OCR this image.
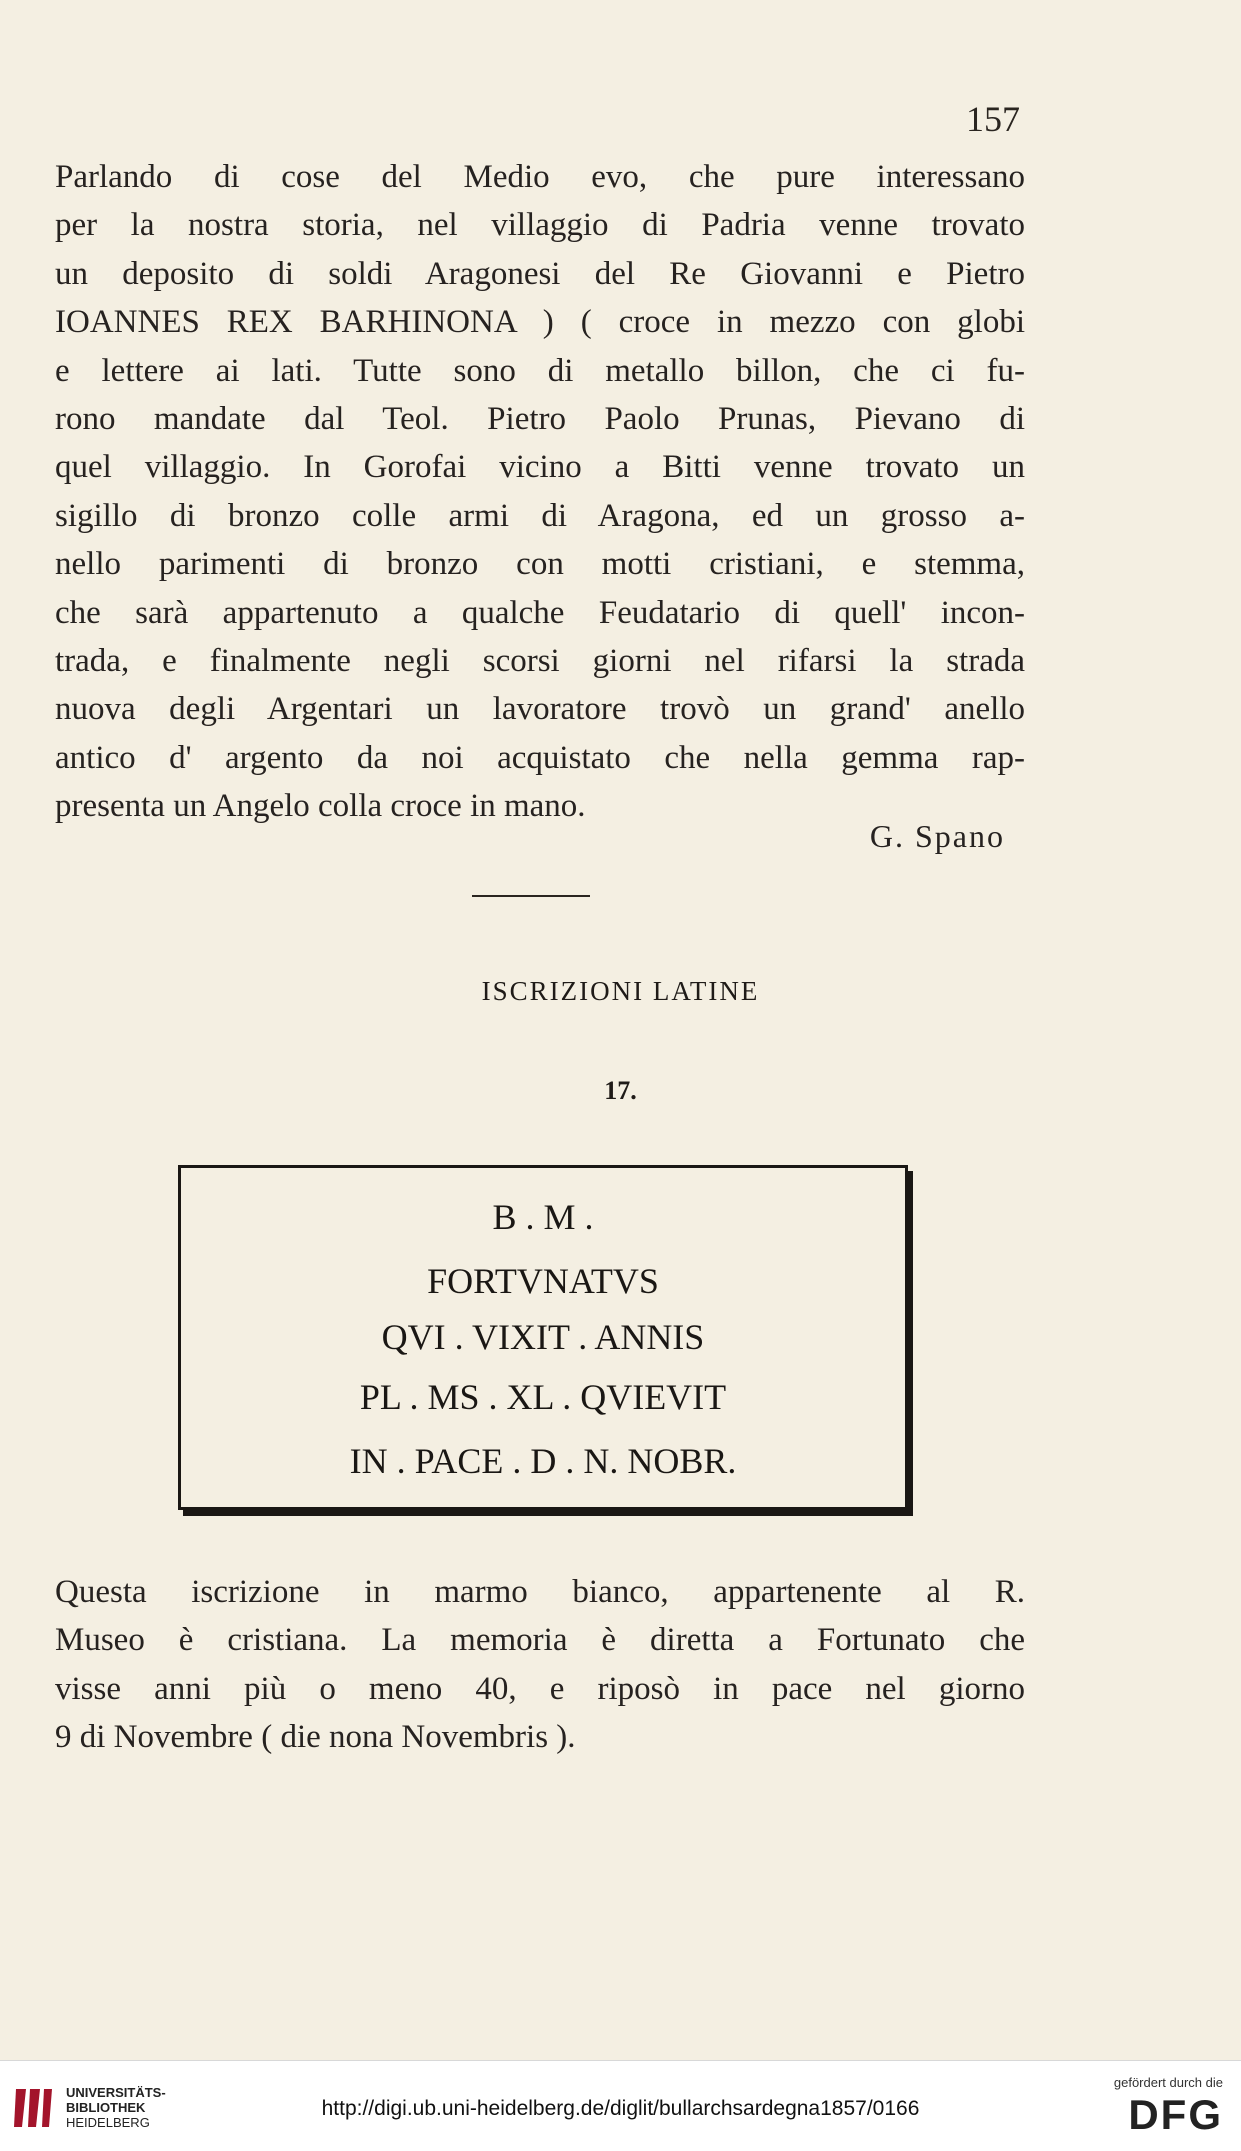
157
Parlando di cose del Medio evo, che pure interessano
per la nostra storia, nel villaggio di Padria venne trovato
un deposito di soldi Aragonesi del Re Giovanni e Pietro
IOANNES REX BARHINONA ) ( croce in mezzo con globi
e lettere ai lati. Tutte sono di metallo billon, che ci fu-
rono mandate dal Teol. Pietro Paolo Prunas, Pievano di
quel villaggio. In Gorofai vicino a Bitti venne trovato un
sigillo di bronzo colle armi di Aragona, ed un grosso a-
nello parimenti di bronzo con motti cristiani, e stemma,
che sarà appartenuto a qualche Feudatario di quell' incon-
trada, e finalmente negli scorsi giorni nel rifarsi la strada
nuova degli Argentari un lavoratore trovò un grand' anello
antico d' argento da noi acquistato che nella gemma rap-
presenta un Angelo colla croce in mano.
G. Spano
ISCRIZIONI LATINE
17.
B . M .
FORTVNATVS
QVI . VIXIT . ANNIS
PL . MS . XL . QVIEVIT
IN . PACE . D . N. NOBR.
Questa iscrizione in marmo bianco, appartenente al R.
Museo è cristiana. La memoria è diretta a Fortunato che
visse anni più o meno 40, e riposò in pace nel giorno
9 di Novembre ( die nona Novembris ).
UNIVERSITÄTS-
BIBLIOTHEK
HEIDELBERG
http://digi.ub.uni-heidelberg.de/diglit/bullarchsardegna1857/0166
gefördert durch die
DFG
